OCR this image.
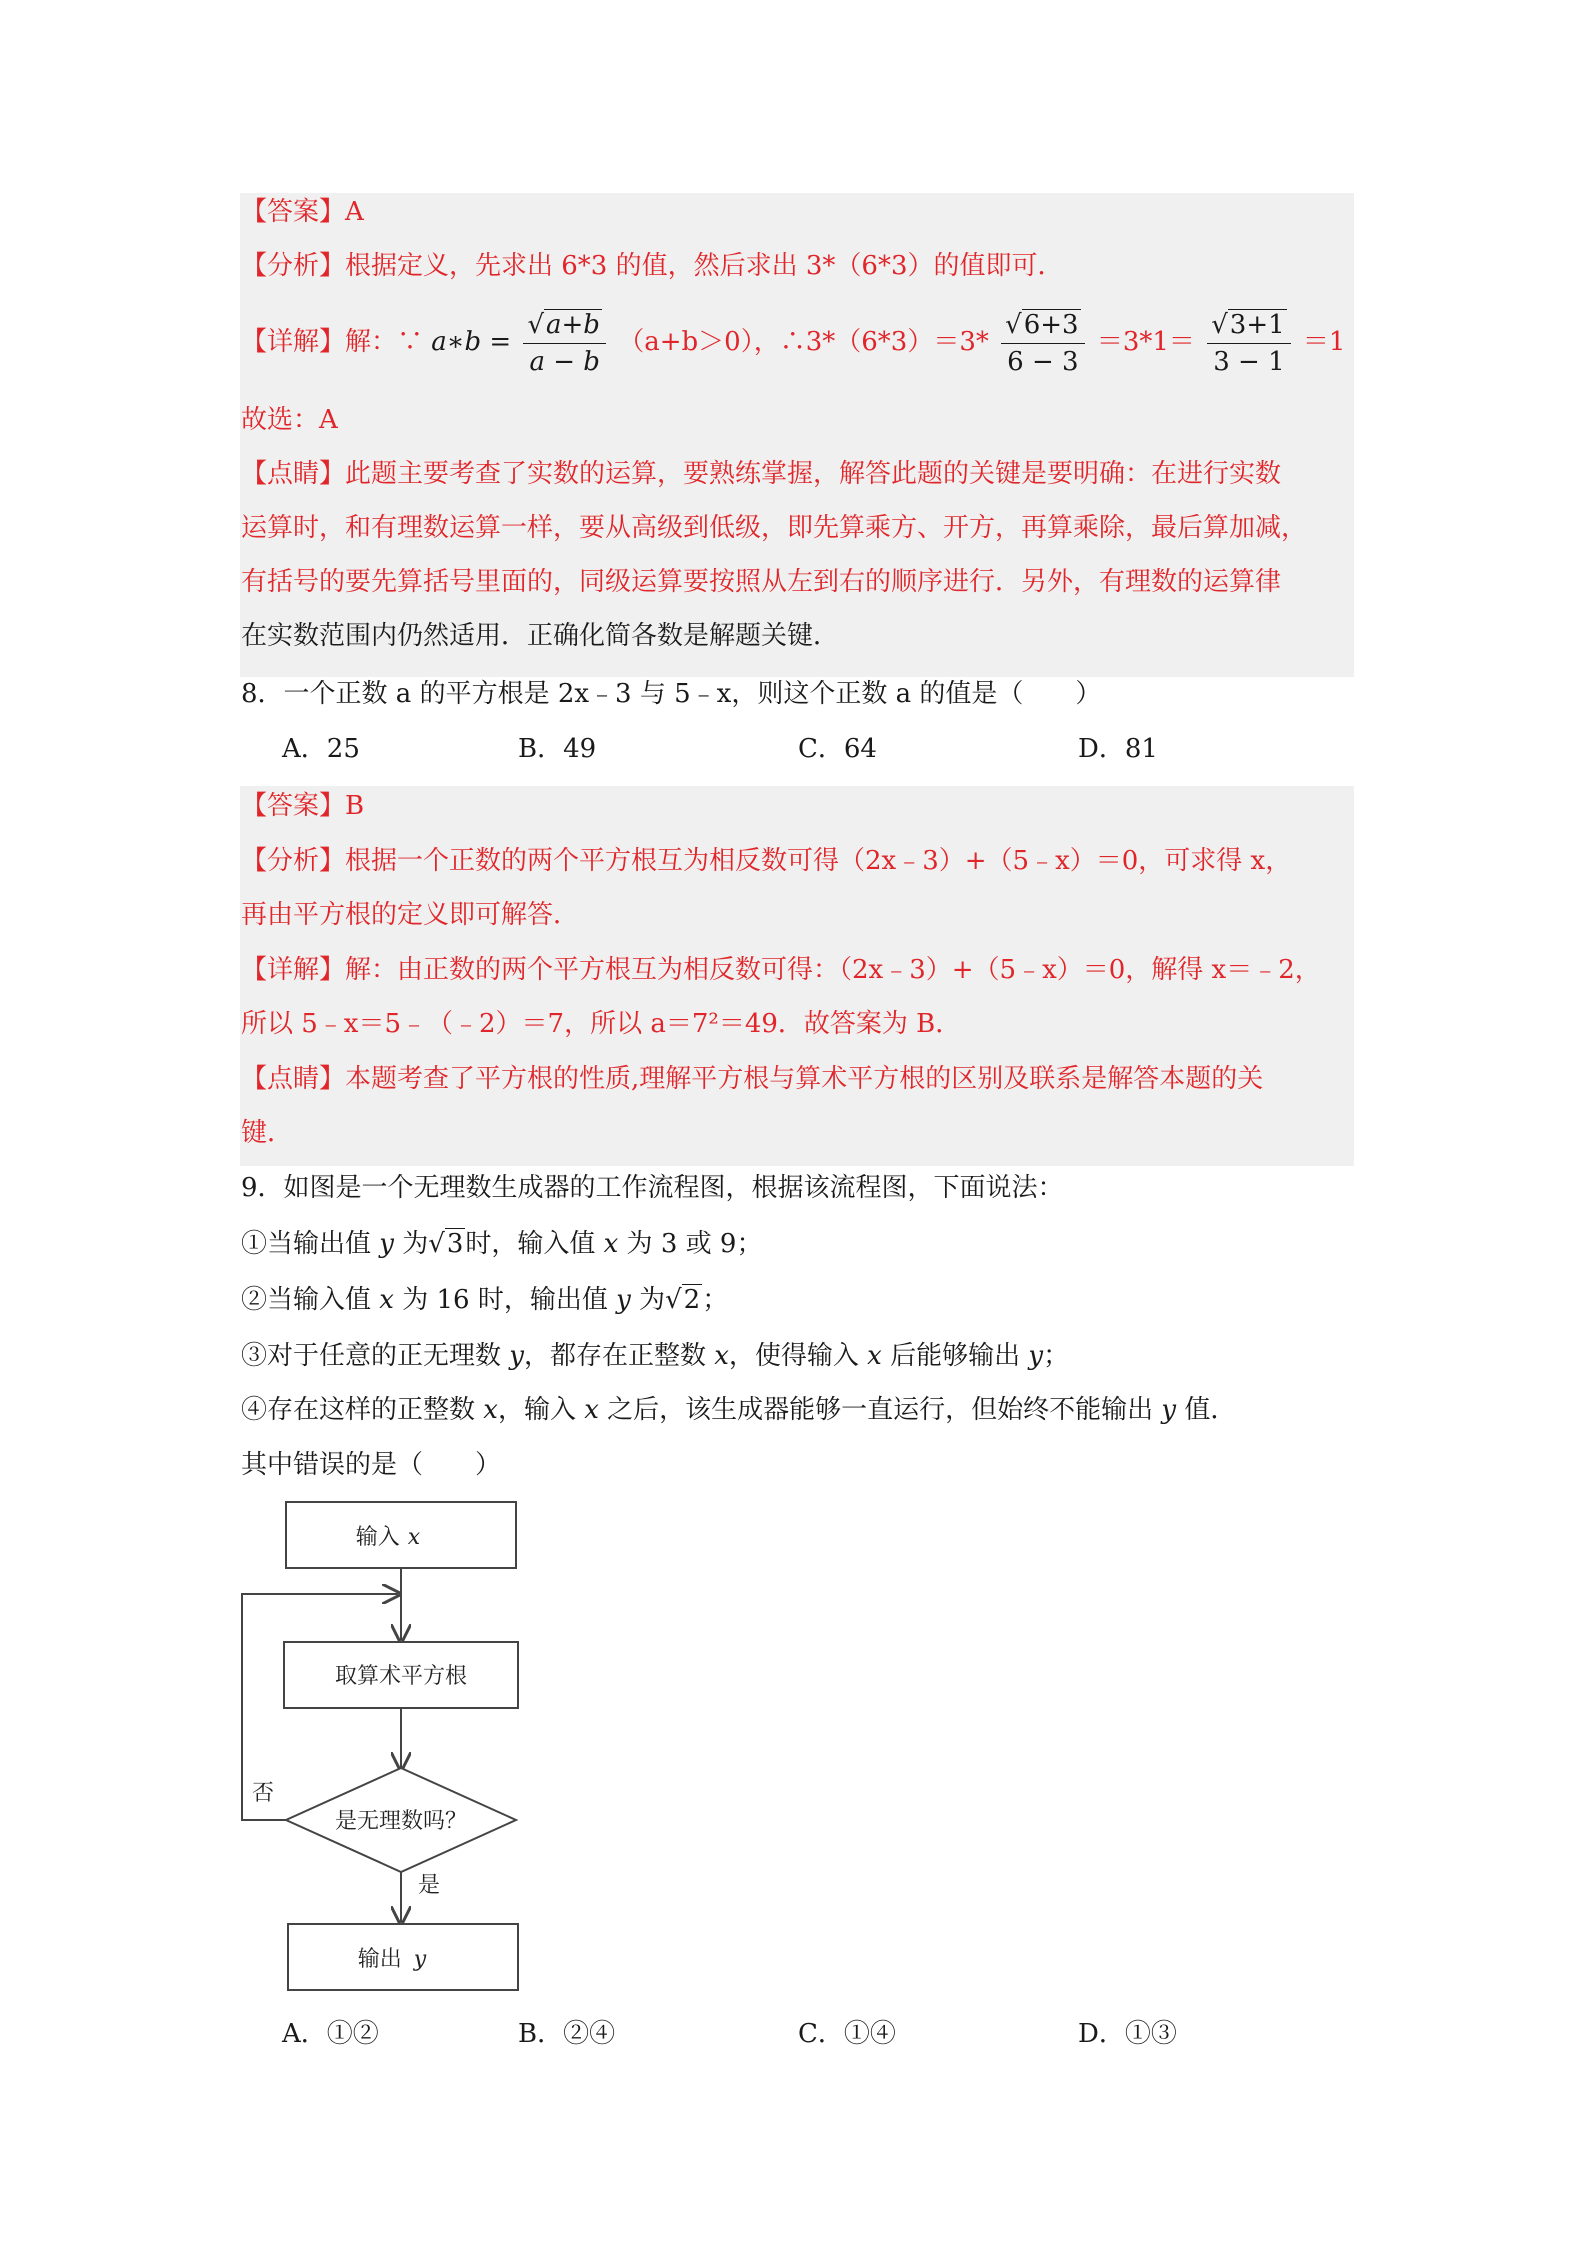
【答案】A
【分析】根据定义，先求出 6*3 的值，然后求出 3*（6*3）的值即可．
【详解】解：∵ a∗b = $\frac{√a+b}{a - b} (a+b>0)$，∴3*（6*3）＝3* $\frac{√6+3}{6 - 3} =3*1= \frac{√3+1}{3 - 1} =1$
故选：A
【点睛】此题主要考查了实数的运算，要熟练掌握，解答此题的关键是要明确：在进行实数
运算时，和有理数运算一样，要从高级到低级，即先算乘方、开方，再算乘除，最后算加减，
有括号的要先算括号里面的，同级运算要按照从左到右的顺序进行．另外，有理数的运算律
在实数范围内仍然适用．正确化简各数是解题关键．
8．一个正数 a 的平方根是 2x﹣3 与 5﹣x，则这个正数 a 的值是（　　）
A．25	B．49	C．64	D．81
【答案】B
【分析】根据一个正数的两个平方根互为相反数可得（2x﹣3）+（5﹣x）＝0，可求得 x，
再由平方根的定义即可解答．
【详解】解：由正数的两个平方根互为相反数可得：（2x﹣3）+（5﹣x）＝0，解得 x＝﹣2，
所以 5﹣x＝5﹣（﹣2）＝7，所以 a＝7²＝49．故答案为 B．
【点睛】本题考查了平方根的性质,理解平方根与算术平方根的区别及联系是解答本题的关
键．
9．如图是一个无理数生成器的工作流程图，根据该流程图，下面说法：
①当输出值 y 为√3时，输入值 x 为 3 或 9；
②当输入值 x 为 16 时，输出值 y 为√2；
③对于任意的正无理数 y，都存在正整数 x，使得输入 x 后能够输出 y；
④存在这样的正整数 x，输入 x 之后，该生成器能够一直运行，但始终不能输出 y 值．
其中错误的是（　　）
输入 x
取算术平方根
是无理数吗？
否
是
输出 y
A．①②	B．②④	C．①④	D．①③
